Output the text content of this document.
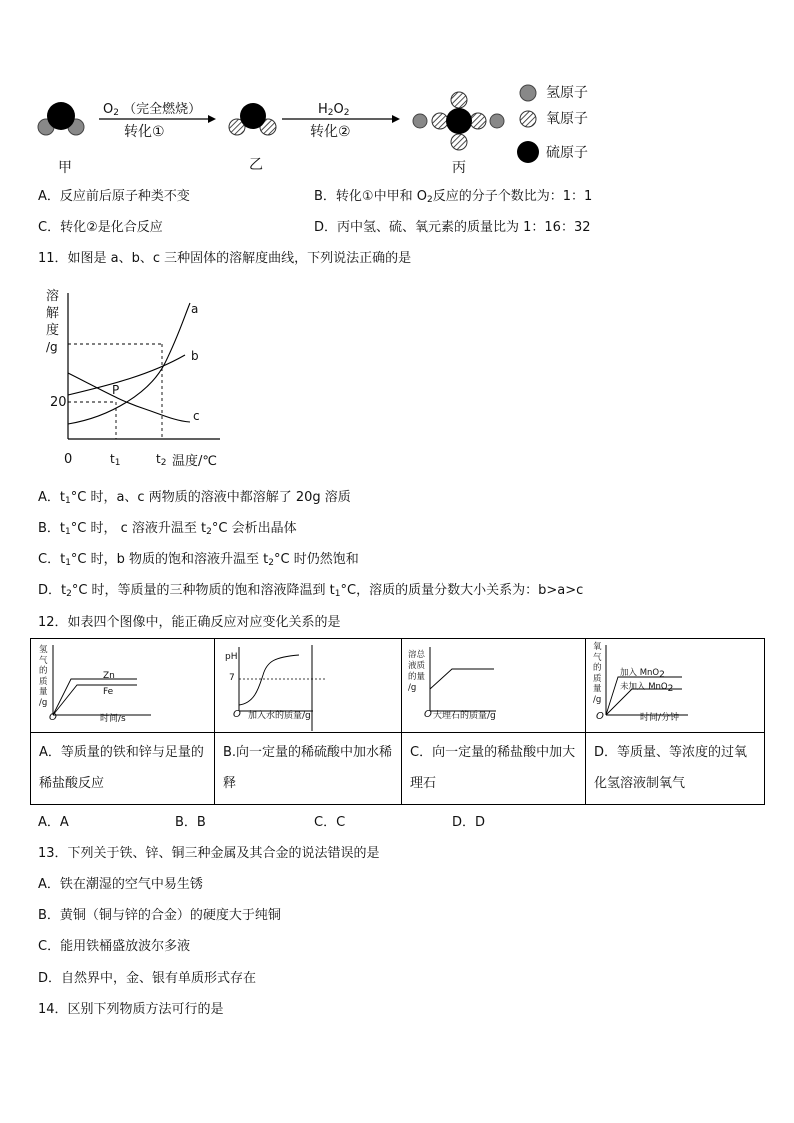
$O_2$ （完全燃烧）
转化①
$H_2O_2$
转化②
甲	乙	丙
氢原子
氧原子
硫原子
A．反应前后原子种类不变	B．转化①中甲和 $O_2$反应的分子个数比为：1：1
C．转化②是化合反应	D．丙中氢、硫、氧元素的质量比为 1：16：32
11．如图是 a、b、c 三种固体的溶解度曲线，下列说法正确的是
溶
解
度
/g
20
0	$t_1$	$t_2$ 温度/℃
a
b
c
P
A．$t_1^\circ C$ 时，a、c 两物质的溶液中都溶解了 20g 溶质
B．$t_1^\circ C$ 时， c 溶液升温至 $t_2^\circ C$ 会析出晶体
C．$t_1^\circ C$ 时，b 物质的饱和溶液升温至 $t_2^\circ C$ 时仍然饱和
D．$t_2^\circ C$ 时，等质量的三种物质的饱和溶液降温到 $t_1^\circ C$，溶质的质量分数大小关系为：b>a>c
12．如表四个图像中，能正确反应对应变化关系的是

A．等质量的铁和锌与足量的稀盐酸反应	B.向一定量的稀硫酸中加水稀释	C．向一定量的稀盐酸中加大理石	D．等质量、等浓度的过氧化氢溶液制氧气
氢
气
的
质
量
/g
Zn
Fe
O	时间/s
pH
7
O 加入水的质量/g
溶总
液质
的量
/g
O 大理石的质量/g
氧
气
的
质
量
/g
加入 MnO$_2$
未加入 MnO$_2$
O	时间/分钟
A．A	B．B	C．C	D．D
13．下列关于铁、锌、铜三种金属及其合金的说法错误的是
A．铁在潮湿的空气中易生锈
B．黄铜（铜与锌的合金）的硬度大于纯铜
C．能用铁桶盛放波尔多液
D．自然界中，金、银有单质形式存在
14．区别下列物质方法可行的是
